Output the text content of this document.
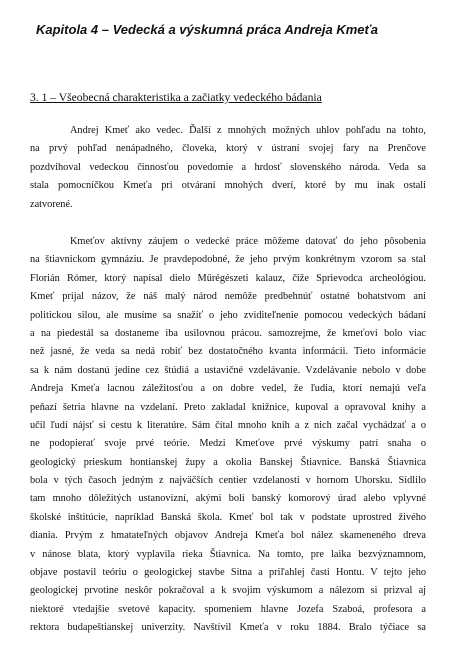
Kapitola 4 – Vedecká a výskumná práca Andreja Kmeťa
3. 1 – Všeobecná charakteristika a začiatky vedeckého bádania
Andrej Kmeť ako vedec. Ďalší z mnohých možných uhlov pohľadu na tohto,
na prvý pohľad nenápadného, človeka, ktorý v ústraní svojej fary na Prenčove
pozdvihoval vedeckou činnosťou povedomie a hrdosť slovenského národa. Veda sa
stala pomocníčkou Kmeťa pri otváraní mnohých dverí, ktoré by mu inak ostali
zatvorené.
Kmeťov aktívny záujem o vedecké práce môžeme datovať do jeho pôsobenia
na štiavnickom gymnáziu. Je pravdepodobné, že jeho prvým konkrétnym vzorom sa stal
Florián Rómer, ktorý napísal dielo Műrégészeti kalauz, čiže Sprievodca archeológiou.
Kmeť prijal názov, že náš malý národ nemôže predbehnúť ostatné bohatstvom ani
politickou silou, ale musíme sa snažiť o jeho zviditeľnenie pomocou vedeckých bádaní
a na piedestál sa dostaneme iba usilovnou prácou. samozrejme, že kmeťovi bolo viac
než jasné, že veda sa nedá robiť bez dostatočného kvanta informácii. Tieto informácie
sa k nám dostanú jedine cez štúdiá a ustavičné vzdelávanie. Vzdelávanie nebolo v dobe
Andreja Kmeťa lacnou záležitosťou a on dobre vedel, že ľudia, ktorí nemajú veľa
peňazí šetria hlavne na vzdelaní. Preto zakladal knižnice, kupoval a opravoval knihy a
učil ľudí nájsť si cestu k literatúre. Sám čítal mnoho kníh a z nich začal vychádzať a o
ne podopierať svoje prvé teórie. Medzi Kmeťove prvé výskumy patrí snaha o
geologický prieskum hontianskej župy a okolia Banskej Štiavnice. Banská Štiavnica
bola v tých časoch jedným z najväčších centier vzdelanosti v hornom Uhorsku. Sídlilo
tam mnoho dôležitých ustanovizní, akými boli banský komorový úrad alebo vplyvné
školské inštitúcie, napríklad Banská škola. Kmeť bol tak v podstate uprostred živého
diania. Prvým z hmatateľných objavov Andreja Kmeťa bol nález skameneného dreva
v nánose blata, ktorý vyplavila rieka Štiavnica. Na tomto, pre laika bezvýznamnom,
objave postavil teóriu o geologickej stavbe Sitna a priľahlej časti Hontu. V tejto jeho
geologickej prvotine neskôr pokračoval a k svojim výskumom a nálezom si prizval aj
niektoré vtedajšie svetové kapacity. spomeniem hlavne Jozefa Szaboá, profesora a
rektora budapeštianskej univerzity. Navštívil Kmeťa v roku 1884. Bralo týčiace sa
